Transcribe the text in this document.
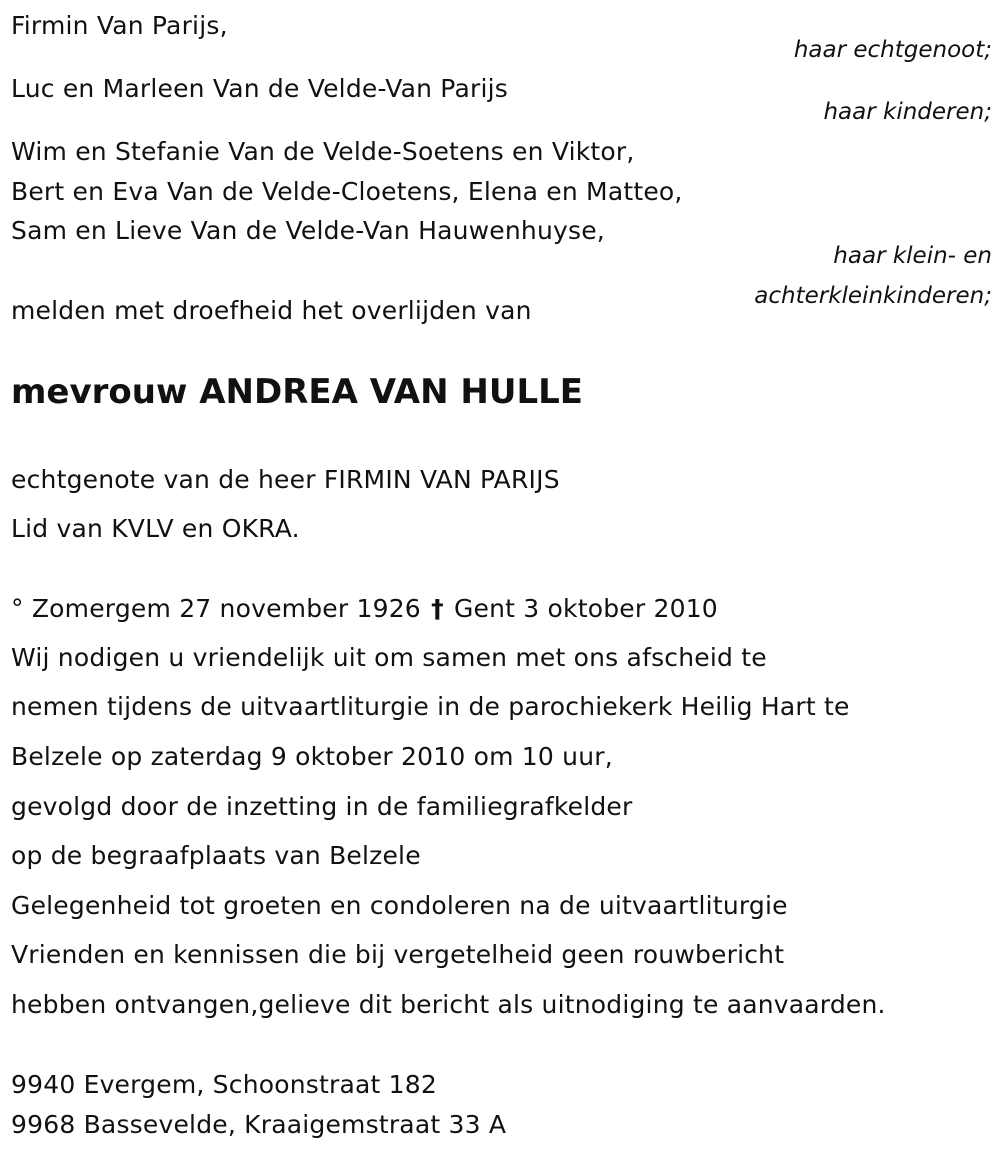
Firmin Van Parijs,
haar echtgenoot;
Luc en Marleen Van de Velde-Van Parijs
haar kinderen;
Wim en Stefanie Van de Velde-Soetens en Viktor,
Bert en Eva Van de Velde-Cloetens, Elena en Matteo,
Sam en Lieve Van de Velde-Van Hauwenhuyse,
haar klein- en
achterkleinkinderen;
melden met droefheid het overlijden van
mevrouw ANDREA VAN HULLE
echtgenote van de heer FIRMIN VAN PARIJS
Lid van KVLV en OKRA.
° Zomergem 27 november 1926 † Gent 3 oktober 2010
Wij nodigen u vriendelijk uit om samen met ons afscheid te
nemen tijdens de uitvaartliturgie in de parochiekerk Heilig Hart te
Belzele op zaterdag 9 oktober 2010 om 10 uur,
gevolgd door de inzetting in de familiegrafkelder
op de begraafplaats van Belzele
Gelegenheid tot groeten en condoleren na de uitvaartliturgie
Vrienden en kennissen die bij vergetelheid geen rouwbericht
hebben ontvangen,gelieve dit bericht als uitnodiging te aanvaarden.
9940 Evergem, Schoonstraat 182
9968 Bassevelde, Kraaigemstraat 33 A
